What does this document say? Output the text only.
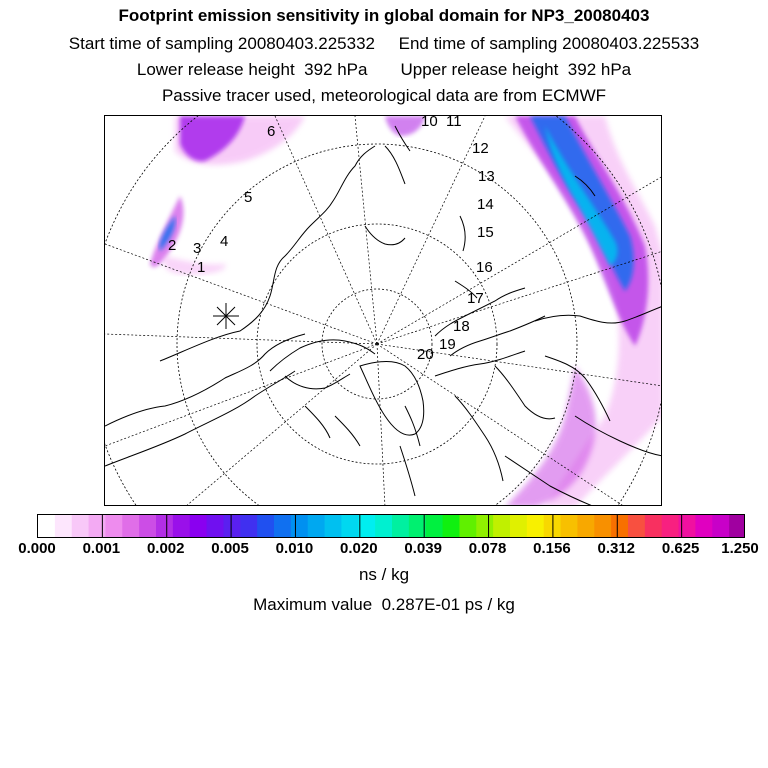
Footprint emission sensitivity in global domain for NP3_20080403
Start time of sampling 20080403.225332 End time of sampling 20080403.225533
Lower release height  392 hPa Upper release height  392 hPa
Passive tracer used, meteorological data are from ECMWF
1
2 3 4
5
6
10 11
12
13
14
15
16
17
18
19
20
0.000 0.001 0.002 0.005 0.010 0.020 0.039 0.078 0.156 0.312 0.625 1.250
ns / kg
Maximum value  0.287E-01 ps / kg
